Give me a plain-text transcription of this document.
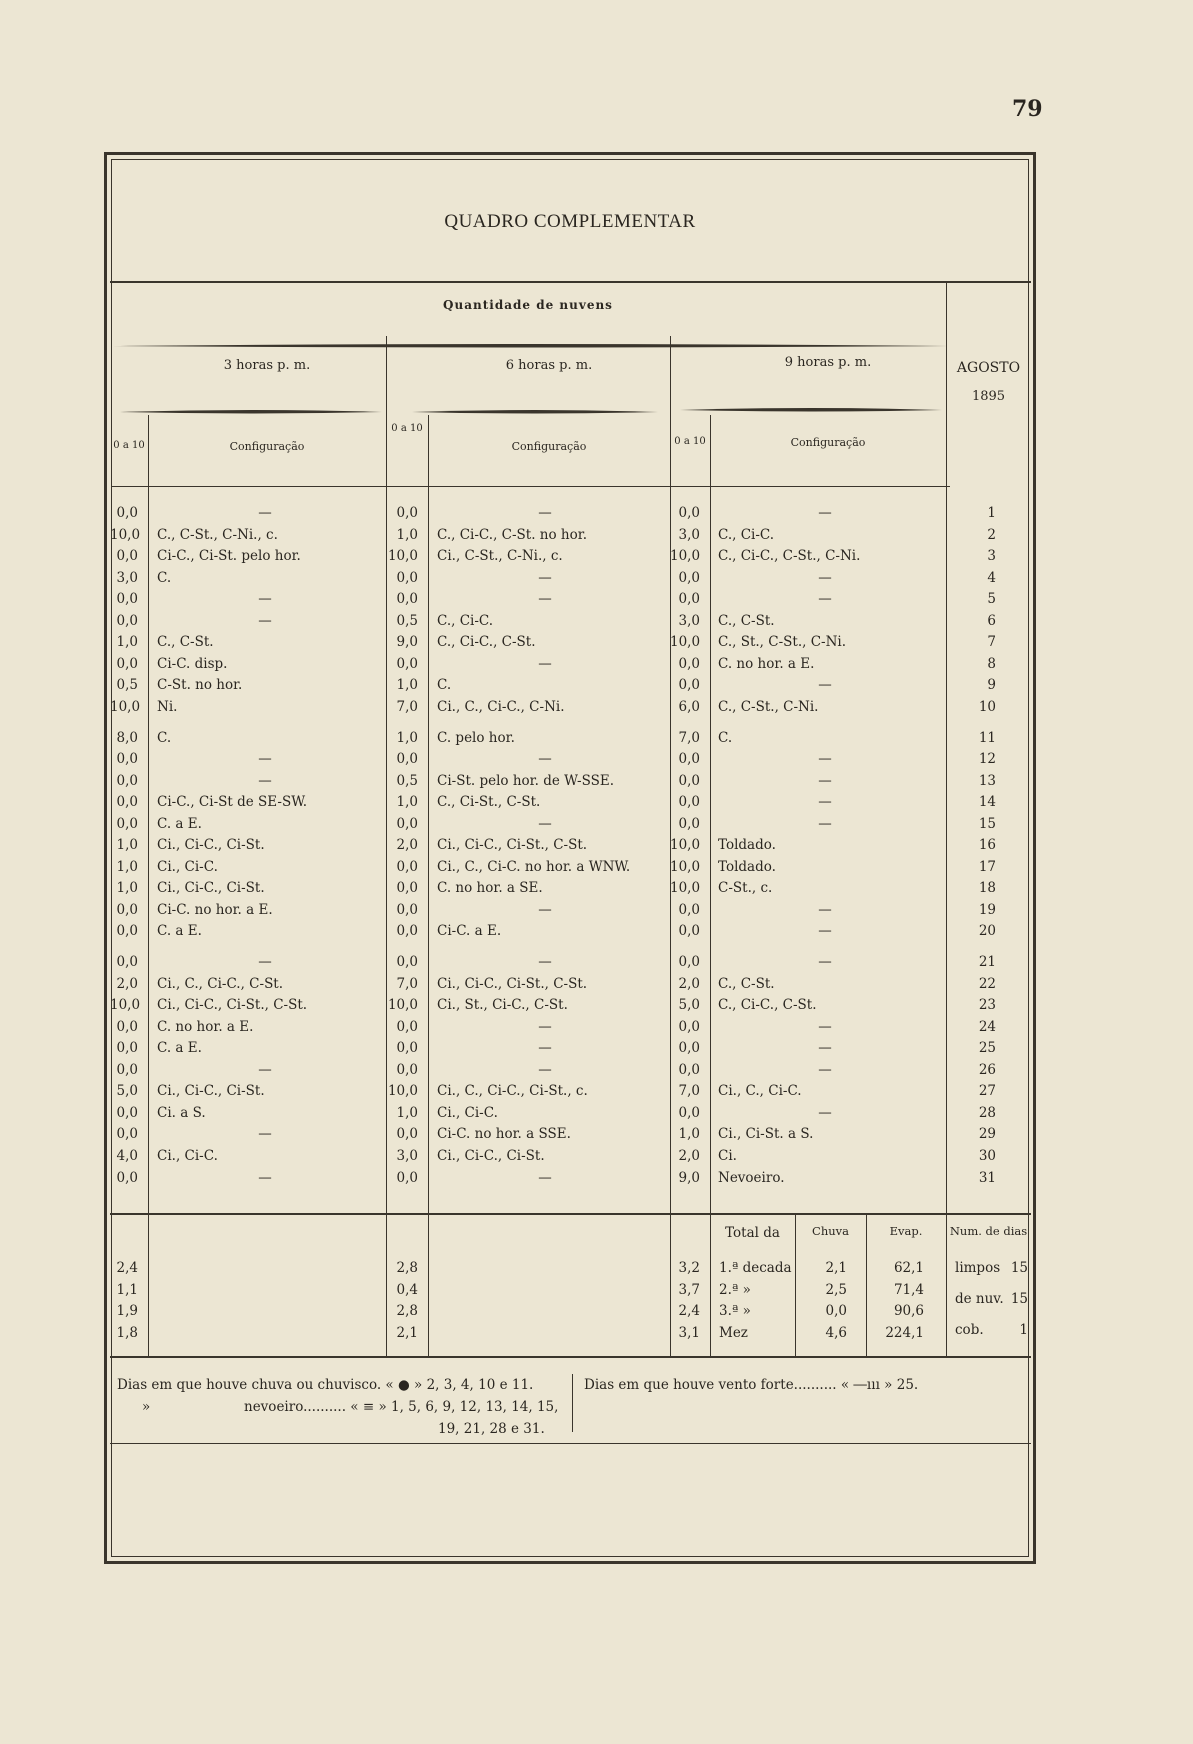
79
QUADRO COMPLEMENTAR
Quantidade de nuvens
3 horas p. m.	6 horas p. m.	9 horas p. m.	AGOSTO
1895
0 a 10	Configuração
0 a 10
Configuração	0 a 10	Configuração
0,0	—	0,0	—	0,0	—	1
10,0 C., C-St., C-Ni., c.	1,0 C., Ci-C., C-St. no hor.	3,0 C., Ci-C.	2
0,0 Ci-C., Ci-St. pelo hor.	10,0 Ci., C-St., C-Ni., c.	10,0 C., Ci-C., C-St., C-Ni.	3
3,0 C.	0,0	—	0,0	—	4
0,0	—	0,0	—	0,0	—	5
0,0	—	0,5 C., Ci-C.	3,0 C., C-St.	6
1,0 C., C-St.	9,0 C., Ci-C., C-St.	10,0 C., St., C-St., C-Ni.	7
0,0 Ci-C. disp.	0,0	—	0,0 C. no hor. a E.	8
0,5 C-St. no hor.	1,0 C.	0,0	—	9
10,0 Ni.	7,0 Ci., C., Ci-C., C-Ni.	6,0 C., C-St., C-Ni.	10
8,0 C.	1,0 C. pelo hor.	7,0 C.	11
0,0	—	0,0	—	0,0	—	12
0,0	—	0,5 Ci-St. pelo hor. de W-SSE.	0,0	—	13
0,0 Ci-C., Ci-St de SE-SW.	1,0 C., Ci-St., C-St.	0,0	—	14
0,0 C. a E.	0,0	—	0,0	—	15
1,0 Ci., Ci-C., Ci-St.	2,0 Ci., Ci-C., Ci-St., C-St.	10,0 Toldado.	16
1,0 Ci., Ci-C.	0,0 Ci., C., Ci-C. no hor. a WNW.	10,0 Toldado.	17
1,0 Ci., Ci-C., Ci-St.	0,0 C. no hor. a SE.	10,0 C-St., c.	18
0,0 Ci-C. no hor. a E.	0,0	—	0,0	—	19
0,0 C. a E.	0,0 Ci-C. a E.	0,0	—	20
0,0	—	0,0	—	0,0	—	21
2,0 Ci., C., Ci-C., C-St.	7,0 Ci., Ci-C., Ci-St., C-St.	2,0 C., C-St.	22
10,0 Ci., Ci-C., Ci-St., C-St.	10,0 Ci., St., Ci-C., C-St.	5,0 C., Ci-C., C-St.	23
0,0 C. no hor. a E.	0,0	—	0,0	—	24
0,0 C. a E.	0,0	—	0,0	—	25
0,0	—	0,0	—	0,0	—	26
5,0 Ci., Ci-C., Ci-St.	10,0 Ci., C., Ci-C., Ci-St., c.	7,0 Ci., C., Ci-C.	27
0,0 Ci. a S.	1,0 Ci., Ci-C.	0,0	—	28
0,0	—	0,0 Ci-C. no hor. a SSE.	1,0 Ci., Ci-St. a S.	29
4,0 Ci., Ci-C.	3,0 Ci., Ci-C., Ci-St.	2,0 Ci.	30
0,0	—	0,0	—	9,0 Nevoeiro.	31
Total da	Chuva	Evap.	Num. de dias
2,4	2,8	3,2 1.ª decada	2,1	62,1
1,1	0,4	3,7 2.ª »	2,5	71,4
1,9	2,8	2,4 3.ª »	0,0	90,6
1,8	2,1	3,1 Mez	4,6	224,1
limpos 15
de nuv. 15
cob.	1
Dias em que houve chuva ou chuvisco. « ● » 2, 3, 4, 10 e 11.
»	nevoeiro.......... « ≡ » 1, 5, 6, 9, 12, 13, 14, 15,
19, 21, 28 e 31.
Dias em que houve vento forte.......... « ―ııı » 25.
